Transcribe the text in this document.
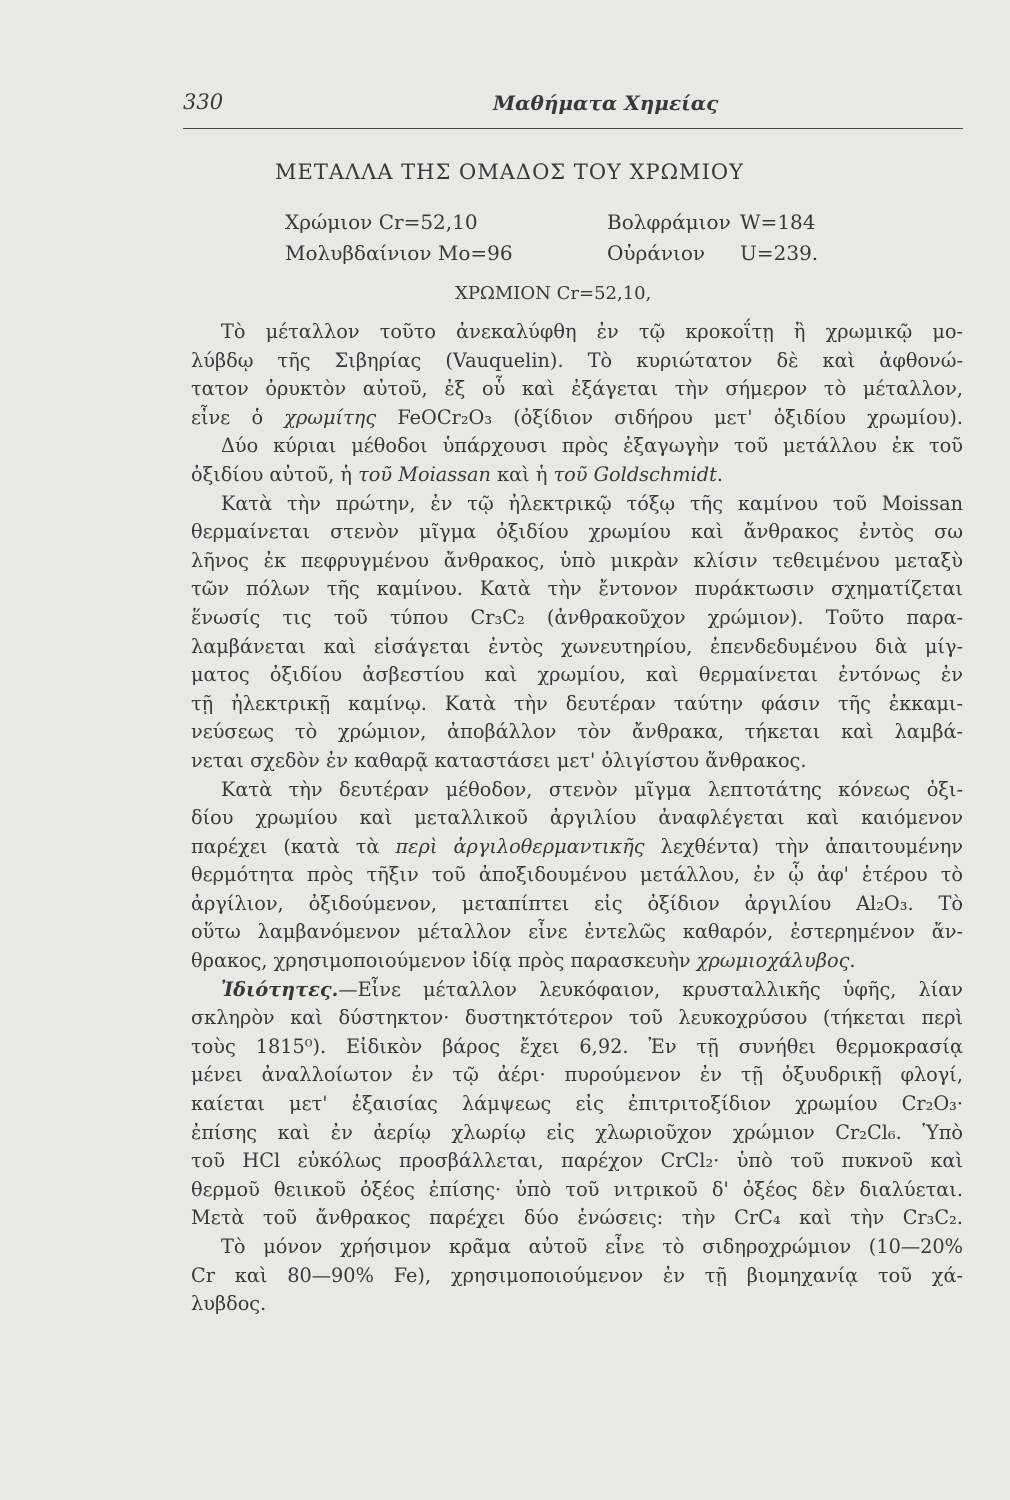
330	Μαθήματα Χημείας
ΜΕΤΑΛΛΑ ΤΗΣ ΟΜΑΔΟΣ ΤΟΥ ΧΡΩΜΙΟΥ
Χρώμιον Cr=52,10	Βολφράμιον W=184
Μολυβδαίνιον Mo=96	Οὐράνιον U=239.
ΧΡΩΜΙΟΝ Cr=52,10,
Τὸ μέταλλον τοῦτο ἀνεκαλύφθη ἐν τῷ κροκοΐτῃ ἢ χρωμικῷ μο-
λύβδῳ τῆς Σιβηρίας (Vauquelin). Τὸ κυριώτατον δὲ καὶ ἀφθονώ-
τατον ὀρυκτὸν αὐτοῦ, ἐξ οὗ καὶ ἐξάγεται τὴν σήμερον τὸ μέταλλον,
εἶνε ὁ χρωμίτης FeOCr₂O₃ (ὀξίδιον σιδήρου μετ' ὀξιδίου χρωμίου).
Δύο κύριαι μέθοδοι ὑπάρχουσι πρὸς ἐξαγωγὴν τοῦ μετάλλου ἐκ τοῦ
ὀξιδίου αὐτοῦ, ἡ τοῦ Moiassan καὶ ἡ τοῦ Goldschmidt.
Κατὰ τὴν πρώτην, ἐν τῷ ἠλεκτρικῷ τόξῳ τῆς καμίνου τοῦ Moissan
θερμαίνεται στενὸν μῖγμα ὀξιδίου χρωμίου καὶ ἄνθρακος ἐντὸς σω
λῆνος ἐκ πεφρυγμένου ἄνθρακος, ὑπὸ μικρὰν κλίσιν τεθειμένου μεταξὺ
τῶν πόλων τῆς καμίνου. Κατὰ τὴν ἔντονον πυράκτωσιν σχηματίζεται
ἕνωσίς τις τοῦ τύπου Cr₃C₂ (ἀνθρακοῦχον χρώμιον). Τοῦτο παρα-
λαμβάνεται καὶ εἰσάγεται ἐντὸς χωνευτηρίου, ἐπενδεδυμένου διὰ μίγ-
ματος ὀξιδίου ἀσβεστίου καὶ χρωμίου, καὶ θερμαίνεται ἐντόνως ἐν
τῇ ἠλεκτρικῇ καμίνῳ. Κατὰ τὴν δευτέραν ταύτην φάσιν τῆς ἐκκαμι-
νεύσεως τὸ χρώμιον, ἀποβάλλον τὸν ἄνθρακα, τήκεται καὶ λαμβά-
νεται σχεδὸν ἐν καθαρᾷ καταστάσει μετ' ὀλιγίστου ἄνθρακος.
Κατὰ τὴν δευτέραν μέθοδον, στενὸν μῖγμα λεπτοτάτης κόνεως ὀξι-
δίου χρωμίου καὶ μεταλλικοῦ ἀργιλίου ἀναφλέγεται καὶ καιόμενον
παρέχει (κατὰ τὰ περὶ ἀργιλοθερμαντικῆς λεχθέντα) τὴν ἀπαιτουμένην
θερμότητα πρὸς τῆξιν τοῦ ἀποξιδουμένου μετάλλου, ἐν ᾧ ἀφ' ἑτέρου τὸ
ἀργίλιον, ὀξιδούμενον, μεταπίπτει εἰς ὀξίδιον ἀργιλίου Al₂O₃. Τὸ
οὕτω λαμβανόμενον μέταλλον εἶνε ἐντελῶς καθαρόν, ἐστερημένον ἄν-
θρακος, χρησιμοποιούμενον ἰδίᾳ πρὸς παρασκευὴν χρωμιοχάλυβος.
Ἰδιότητες.—Εἶνε μέταλλον λευκόφαιον, κρυσταλλικῆς ὑφῆς, λίαν
σκληρὸν καὶ δύστηκτον· δυστηκτότερον τοῦ λευκοχρύσου (τήκεται περὶ
τοὺς 1815⁰). Εἰδικὸν βάρος ἔχει 6,92. Ἐν τῇ συνήθει θερμοκρασίᾳ
μένει ἀναλλοίωτον ἐν τῷ ἀέρι· πυρούμενον ἐν τῇ ὀξυυδρικῇ φλογί,
καίεται μετ' ἐξαισίας λάμψεως εἰς ἐπιτριτοξίδιον χρωμίου Cr₂O₃·
ἐπίσης καὶ ἐν ἀερίῳ χλωρίῳ εἰς χλωριοῦχον χρώμιον Cr₂Cl₆. Ὑπὸ
τοῦ HCl εὐκόλως προσβάλλεται, παρέχον CrCl₂· ὑπὸ τοῦ πυκνοῦ καὶ
θερμοῦ θειικοῦ ὀξέος ἐπίσης· ὑπὸ τοῦ νιτρικοῦ δ' ὀξέος δὲν διαλύεται.
Μετὰ τοῦ ἄνθρακος παρέχει δύο ἑνώσεις: τὴν CrC₄ καὶ τὴν Cr₃C₂.
Τὸ μόνον χρήσιμον κρᾶμα αὐτοῦ εἶνε τὸ σιδηροχρώμιον (10—20%
Cr καὶ 80—90% Fe), χρησιμοποιούμενον ἐν τῇ βιομηχανίᾳ τοῦ χά-
λυβδος.
